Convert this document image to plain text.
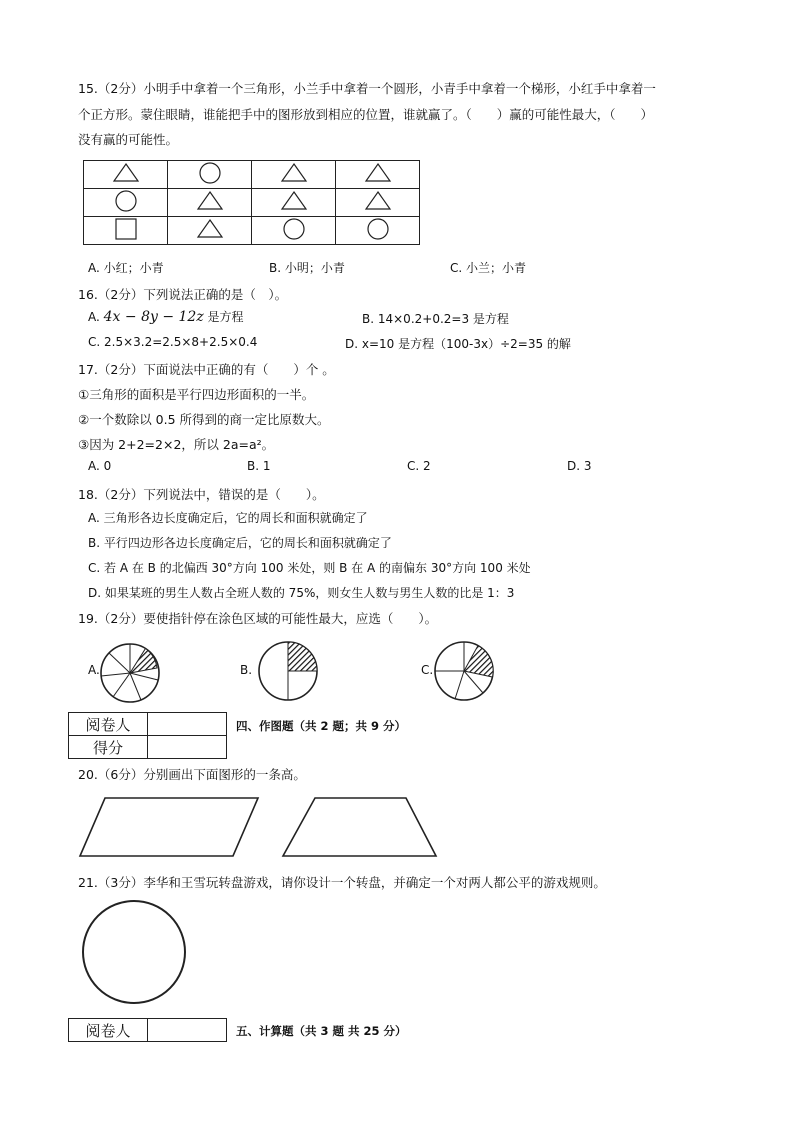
15.（2分）小明手中拿着一个三角形，小兰手中拿着一个圆形，小青手中拿着一个梯形，小红手中拿着一
个正方形。蒙住眼睛，谁能把手中的图形放到相应的位置，谁就赢了。（　　）赢的可能性最大，（　　）
没有赢的可能性。

A. 小红；小青	B. 小明；小青	C. 小兰；小青
16.（2分）下列说法正确的是（　）。
A. 4x − 8y − 12z 是方程	B. 14×0.2+0.2=3 是方程
C. 2.5×3.2=2.5×8+2.5×0.4	D. x=10 是方程（100-3x）÷2=35 的解
17.（2分）下面说法中正确的有（　　）个 。
①三角形的面积是平行四边形面积的一半。
②一个数除以 0.5 所得到的商一定比原数大。
③因为 2+2=2×2，所以 2a=a²。
A. 0	B. 1	C. 2	D. 3
18.（2分）下列说法中，错误的是（　　）。
A. 三角形各边长度确定后，它的周长和面积就确定了
B. 平行四边形各边长度确定后，它的周长和面积就确定了
C. 若 A 在 B 的北偏西 30°方向 100 米处，则 B 在 A 的南偏东 30°方向 100 米处
D. 如果某班的男生人数占全班人数的 75%，则女生人数与男生人数的比是 1：3
19.（2分）要使指针停在涂色区域的可能性最大，应选（　　）。
A.	B.	C.
阅卷人	
得分	
四、作图题（共 2 题；共 9 分）
20.（6分）分别画出下面图形的一条高。
21.（3分）李华和王雪玩转盘游戏，请你设计一个转盘，并确定一个对两人都公平的游戏规则。
阅卷人		五、计算题（共 3 题 共 25 分）
